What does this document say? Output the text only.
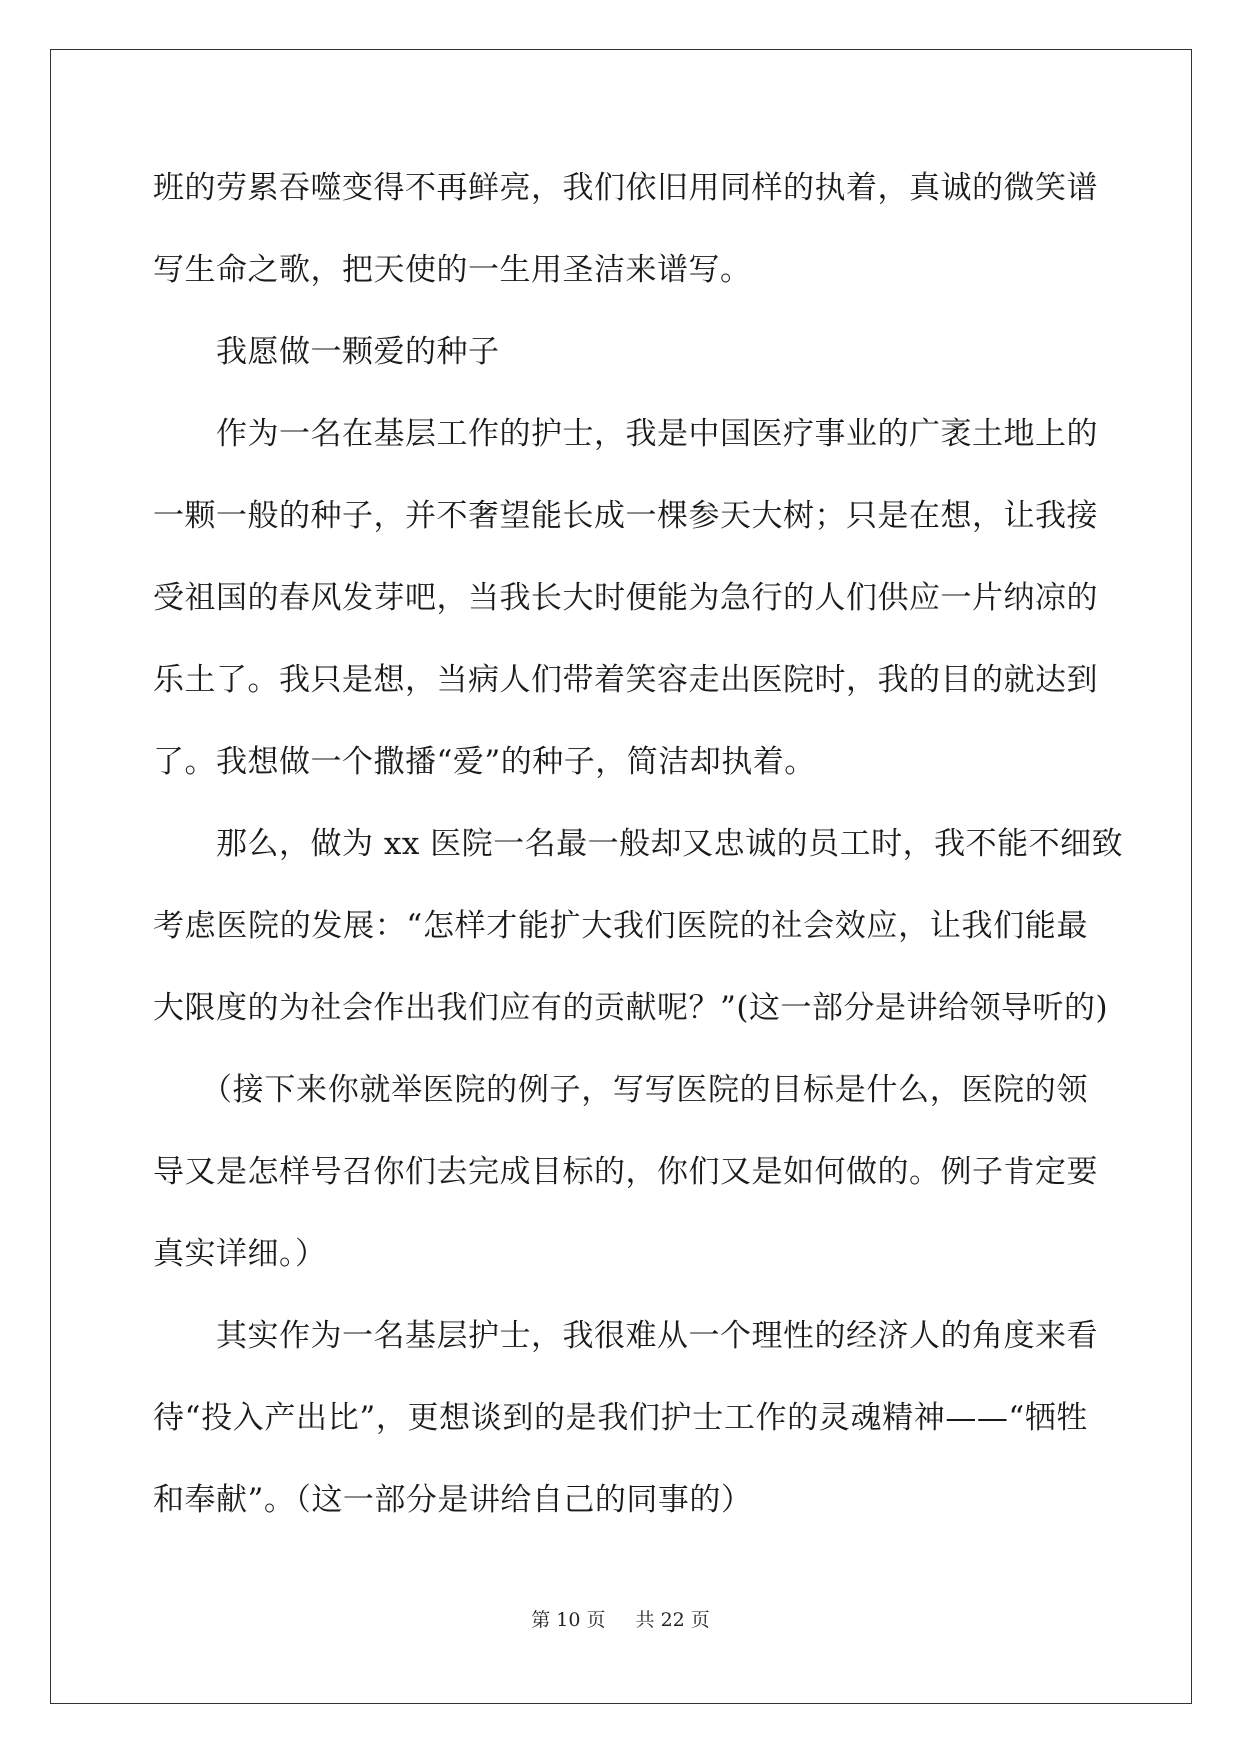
班的劳累吞噬变得不再鲜亮，我们依旧用同样的执着，真诚的微笑谱
写生命之歌，把天使的一生用圣洁来谱写。
我愿做一颗爱的种子
作为一名在基层工作的护士，我是中国医疗事业的广袤土地上的
一颗一般的种子，并不奢望能长成一棵参天大树；只是在想，让我接
受祖国的春风发芽吧，当我长大时便能为急行的人们供应一片纳凉的
乐土了。我只是想，当病人们带着笑容走出医院时，我的目的就达到
了。我想做一个撒播“爱”的种子，简洁却执着。
那么，做为 xx 医院一名最一般却又忠诚的员工时，我不能不细致
考虑医院的发展：“怎样才能扩大我们医院的社会效应，让我们能最
大限度的为社会作出我们应有的贡献呢？”(这一部分是讲给领导听的)
（接下来你就举医院的例子，写写医院的目标是什么，医院的领
导又是怎样号召你们去完成目标的，你们又是如何做的。例子肯定要
真实详细。）
其实作为一名基层护士，我很难从一个理性的经济人的角度来看
待“投入产出比”，更想谈到的是我们护士工作的灵魂精神——“牺牲
和奉献”。（这一部分是讲给自己的同事的）
第 10 页 共 22 页
